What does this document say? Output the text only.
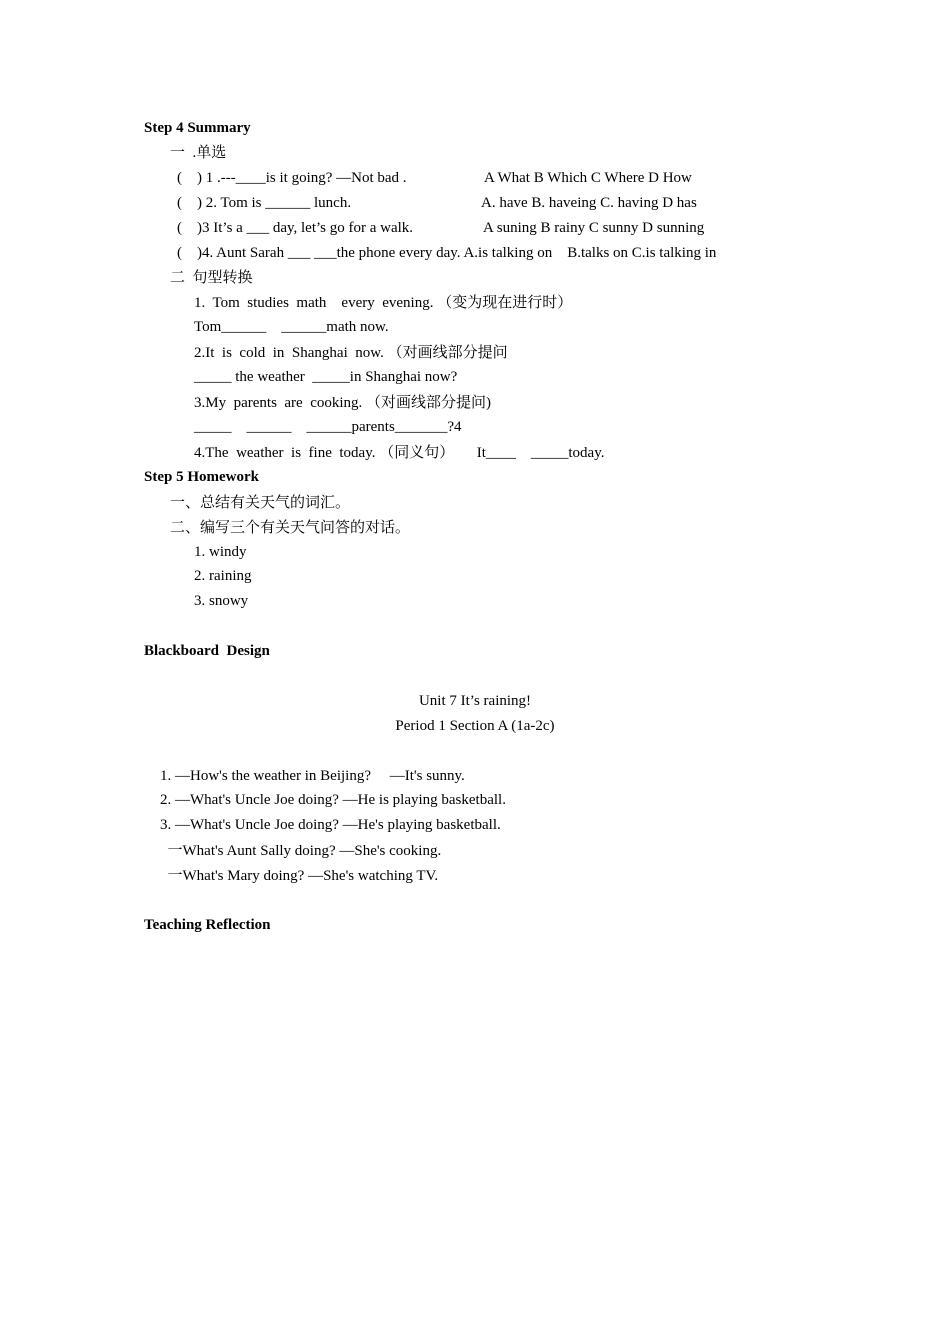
Step 4 Summary
一  .单选
(    ) 1 .---____is it going? —Not bad .	A What B Which C Where D How
(    ) 2. Tom is ______ lunch.	A. have B. haveing C. having D has
(    )3 It’s a ___ day, let’s go for a walk.	A suning B rainy C sunny D sunning
(    )4. Aunt Sarah ___ ___the phone every day. A.is talking on    B.talks on C.is talking in
二  句型转换
1.  Tom  studies  math    every  evening. （变为现在进行时）
Tom______    ______math now.
2.It  is  cold  in  Shanghai  now. （对画线部分提问
_____ the weather  _____in Shanghai now?
3.My  parents  are  cooking. （对画线部分提问)
_____    ______    ______parents_______?4
4.The  weather  is  fine  today. （同义句）      It____    _____today.
Step 5 Homework
一、总结有关天气的词汇。
二、编写三个有关天气问答的对话。
1. windy
2. raining
3. snowy
Blackboard  Design
Unit 7 It’s raining!
Period 1 Section A (1a-2c)
1. —How's the weather in Beijing?     —It's sunny.
2. —What's Uncle Joe doing? —He is playing basketball.
3. —What's Uncle Joe doing? —He's playing basketball.
一What's Aunt Sally doing? —She's cooking.
一What's Mary doing? —She's watching TV.
Teaching Reflection
